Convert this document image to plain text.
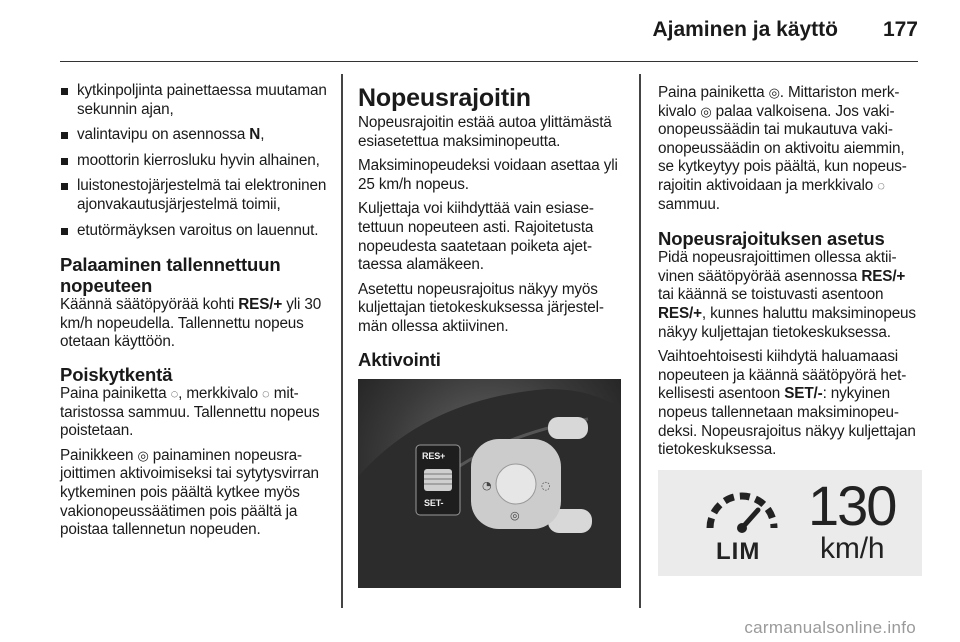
Ajaminen ja käyttö 177
kytkinpoljinta painettaessa muutaman sekunnin ajan,
valintavipu on asennossa N,
moottorin kierrosluku hyvin alhainen,
luistonestojärjestelmä tai elektroninen ajonvakautusjärjestelmä toimii,
etutörmäyksen varoitus on lauennut.
Palaaminen tallennettuun nopeuteen

Käännä säätöpyörää kohti RES/+ yli 30 km/h nopeudella. Tallennettu nopeus otetaan käyttöön.

Poiskytkentä

Paina painiketta ◌, merkkivalo ◌ mittaristossa sammuu. Tallennettu nopeus poistetaan.

Painikkeen ◎ painaminen nopeusrajoittimen aktivoimiseksi tai sytytysvirran kytkeminen pois päältä kytkee myös vakionopeussäätimen pois päältä ja poistaa tallennetun nopeuden.

Nopeusrajoitin

Nopeusrajoitin estää autoa ylittämästä esiasetettua maksiminopeutta.

Maksiminopeudeksi voidaan asettaa yli 25 km/h nopeus.

Kuljettaja voi kiihdyttää vain esiasetettuun nopeuteen asti. Rajoitetusta nopeudesta saatetaan poiketa ajettaessa alamäkeen.

Asetettu nopeusrajoitus näkyy myös kuljettajan tietokeskuksessa järjestelmän ollessa aktiivinen.

Aktivointi
RES+
SET-
◔	◌
◎

Paina painiketta ◎. Mittariston merkkivalo ◎ palaa valkoisena. Jos vakionopeussäädin tai mukautuva vakionopeussäädin on aktivoitu aiemmin, se kytkeytyy pois päältä, kun nopeusrajoitin aktivoidaan ja merkkivalo ◌ sammuu.

Nopeusrajoituksen asetus

Pidä nopeusrajoittimen ollessa aktiivinen säätöpyörää asennossa RES/+ tai käännä se toistuvasti asentoon RES/+, kunnes haluttu maksiminopeus näkyy kuljettajan tietokeskuksessa.

Vaihtoehtoisesti kiihdytä haluamaasi nopeuteen ja käännä säätöpyörä hetkellisesti asentoon SET/-: nykyinen nopeus tallennetaan maksiminopeudeksi. Nopeusrajoitus näkyy kuljettajan tietokeskuksessa.

LIM
130
km/h
carmanualsonline.info
